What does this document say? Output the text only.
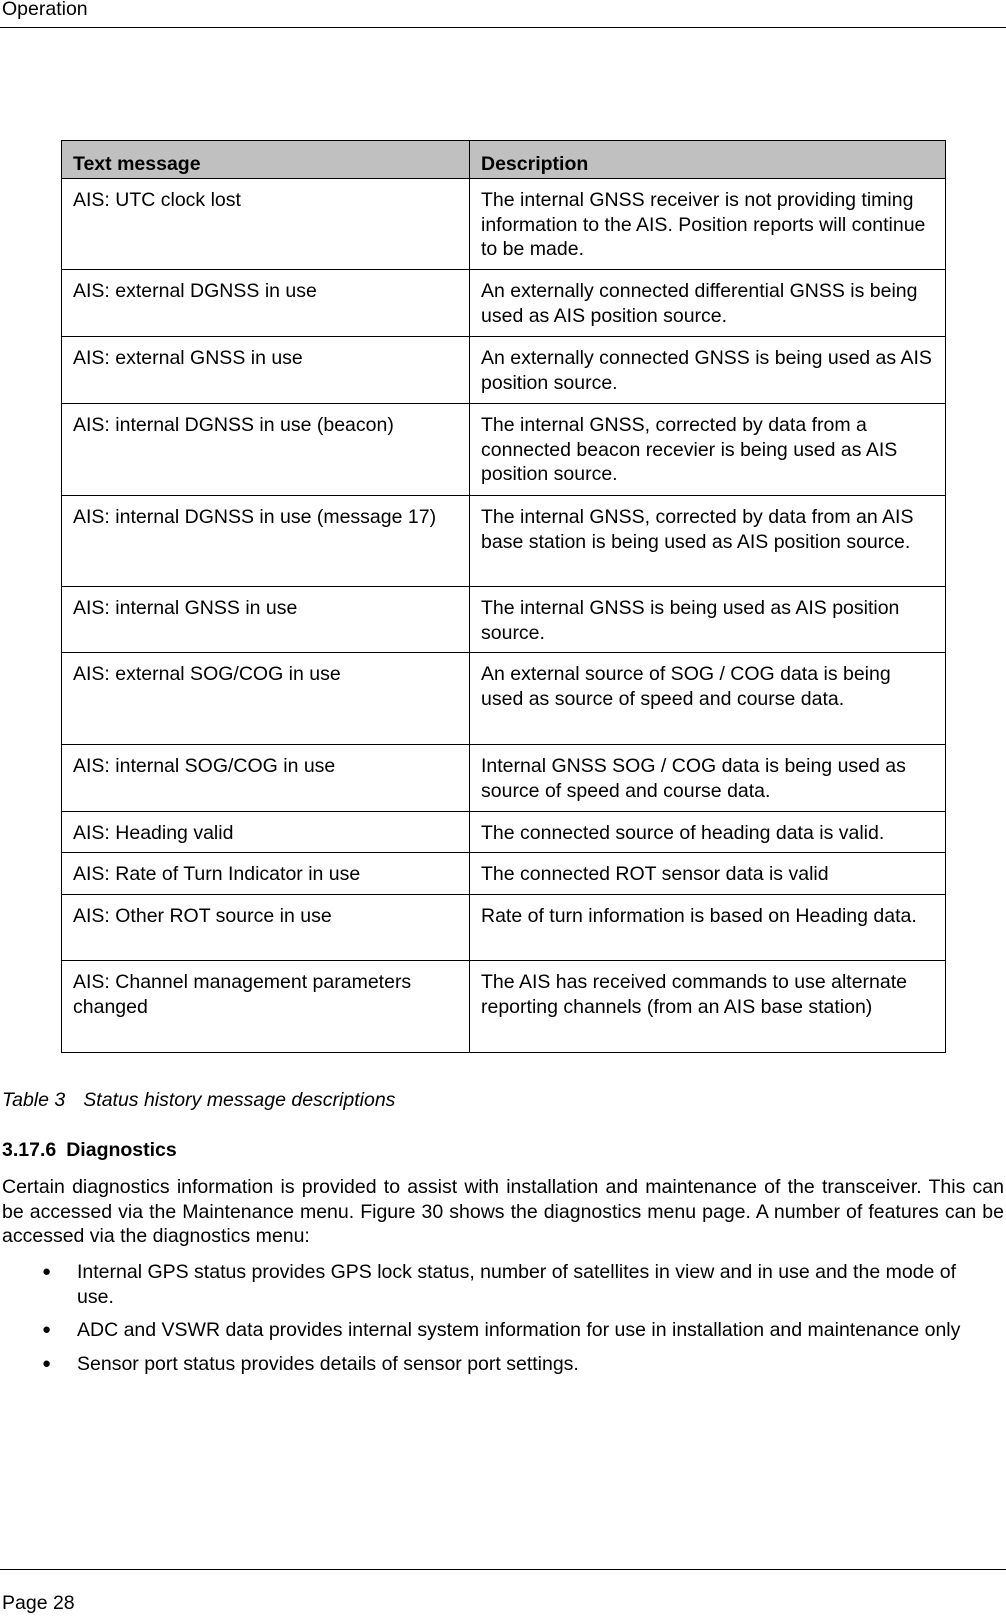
Operation
Text message	Description
AIS: UTC clock lost	The internal GNSS receiver is not providing timing information to the AIS. Position reports will continue to be made.
AIS: external DGNSS in use	An externally connected differential GNSS is being used as AIS position source.
AIS: external GNSS in use	An externally connected GNSS is being used as AIS position source.
AIS: internal DGNSS in use (beacon)	The internal GNSS, corrected by data from a connected beacon recevier is being used as AIS position source.
AIS: internal DGNSS in use (message 17)	The internal GNSS, corrected by data from an AIS base station is being used as AIS position source.
AIS: internal GNSS in use	The internal GNSS is being used as AIS position source.
AIS: external SOG/COG in use	An external source of SOG / COG data is being used as source of speed and course data.
AIS: internal SOG/COG in use	Internal GNSS SOG / COG data is being used as source of speed and course data.
AIS: Heading valid	The connected source of heading data is valid.
AIS: Rate of Turn Indicator in use	The connected ROT sensor data is valid
AIS: Other ROT source in use	Rate of turn information is based on Heading data.
AIS: Channel management parameters changed	The AIS has received commands to use alternate reporting channels (from an AIS base station)
Table 3 Status history message descriptions
3.17.6 Diagnostics
Certain diagnostics information is provided to assist with installation and maintenance of the transceiver. This can be accessed via the Maintenance menu. Figure 30 shows the diagnostics menu page. A number of features can be accessed via the diagnostics menu:
● Internal GPS status provides GPS lock status, number of satellites in view and in use and the mode of use.
● ADC and VSWR data provides internal system information for use in installation and maintenance only
● Sensor port status provides details of sensor port settings.
Page 28
